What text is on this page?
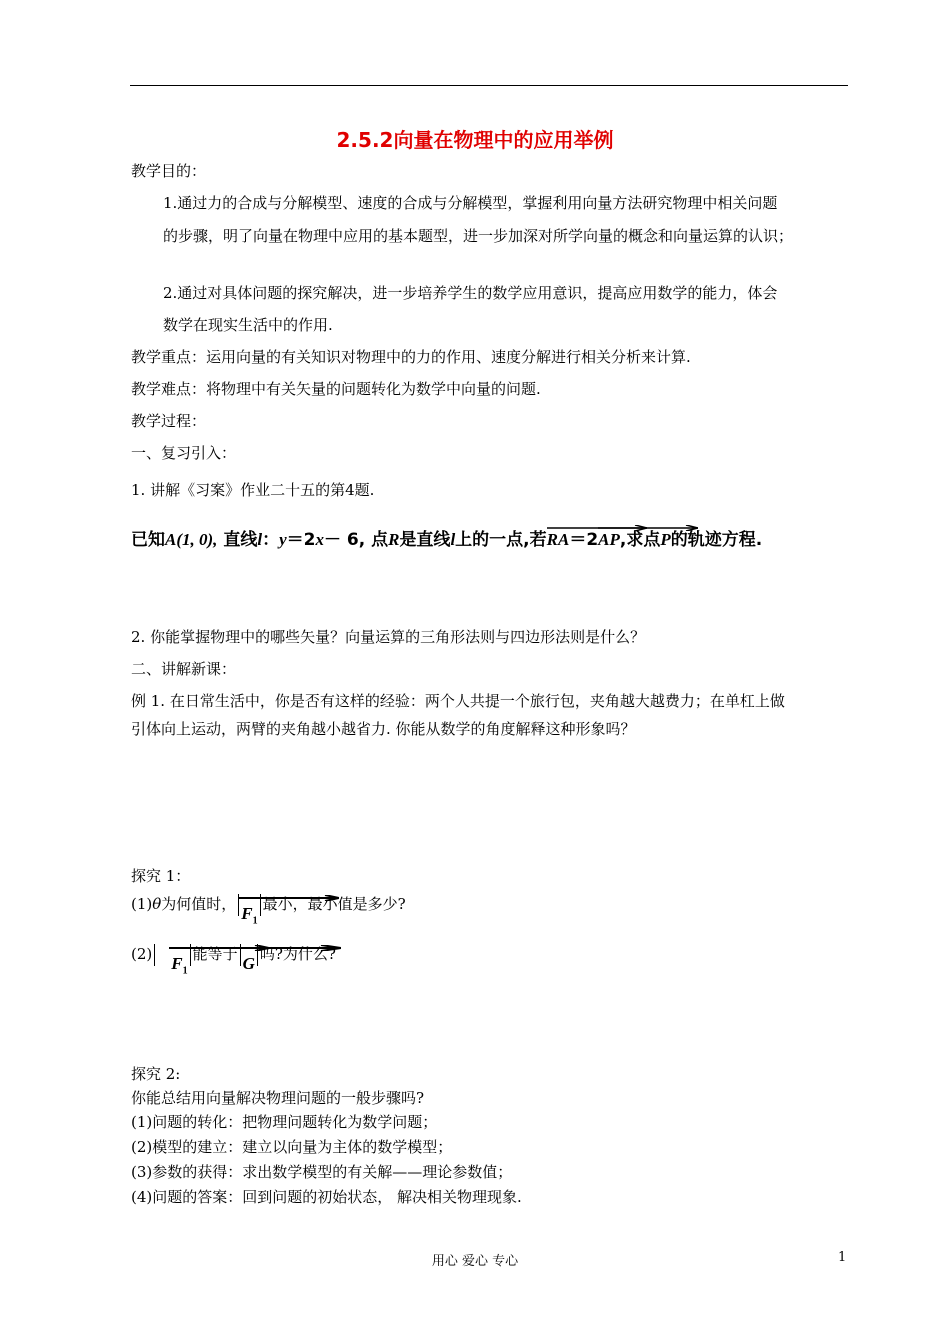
2.5.2向量在物理中的应用举例
教学目的：
1.通过力的合成与分解模型、速度的合成与分解模型，掌握利用向量方法研究物理中相关问题
的步骤，明了向量在物理中应用的基本题型，进一步加深对所学向量的概念和向量运算的认识；
2.通过对具体问题的探究解决，进一步培养学生的数学应用意识，提高应用数学的能力，体会
数学在现实生活中的作用.
教学重点：运用向量的有关知识对物理中的力的作用、速度分解进行相关分析来计算.
教学难点：将物理中有关矢量的问题转化为数学中向量的问题.
教学过程：
一、复习引入：
1. 讲解《习案》作业二十五的第4题.
已知A(1, 0), 直线l：y＝2x－ 6, 点R是直线l上的一点,若
RA＝2
AP,求点P的轨迹方程.
2. 你能掌握物理中的哪些矢量？向量运算的三角形法则与四边形法则是什么？
二、讲解新课：
例 1. 在日常生活中，你是否有这样的经验：两个人共提一个旅行包，夹角越大越费力；在单杠上做
引体向上运动，两臂的夹角越小越省力. 你能从数学的角度解释这种形象吗？
探究 1：
(1)θ为何值时， $F_1$最小，最小值是多少?
(2) $F_1$能等于 G 吗?为什么?
探究 2:
你能总结用向量解决物理问题的一般步骤吗?
(1)问题的转化：把物理问题转化为数学问题；
(2)模型的建立：建立以向量为主体的数学模型；
(3)参数的获得：求出数学模型的有关解——理论参数值；
(4)问题的答案：回到问题的初始状态， 解决相关物理现象.
用心 爱心 专心	1
